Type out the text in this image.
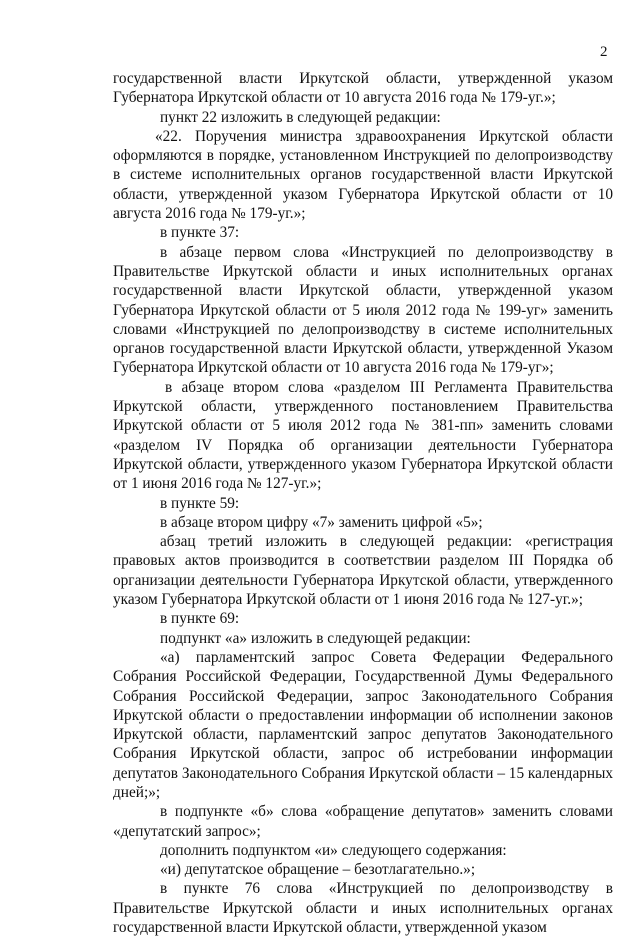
2

государственной власти Иркутской области, утвержденной указом Губернатора Иркутской области от 10 августа 2016 года № 179-уг.»;

пункт 22 изложить в следующей редакции:

«22. Поручения министра здравоохранения Иркутской области оформляются в порядке, установленном Инструкцией по делопроизводству в системе исполнительных органов государственной власти Иркутской области, утвержденной указом Губернатора Иркутской области от 10 августа 2016 года № 179-уг.»;

в пункте 37:

в абзаце первом слова «Инструкцией по делопроизводству в Правительстве Иркутской области и иных исполнительных органах государственной власти Иркутской области, утвержденной указом Губернатора Иркутской области от 5 июля 2012 года № 199-уг» заменить словами «Инструкцией по делопроизводству в системе исполнительных органов государственной власти Иркутской области, утвержденной Указом Губернатора Иркутской области от 10 августа 2016 года № 179-уг»;

в абзаце втором слова «разделом III Регламента Правительства Иркутской области, утвержденного постановлением Правительства Иркутской области от 5 июля 2012 года № 381-пп» заменить словами «разделом IV Порядка об организации деятельности Губернатора Иркутской области, утвержденного указом Губернатора Иркутской области от 1 июня 2016 года № 127-уг.»;

в пункте 59:

в абзаце втором цифру «7» заменить цифрой «5»;

абзац третий изложить в следующей редакции: «регистрация правовых актов производится в соответствии разделом III Порядка об организации деятельности Губернатора Иркутской области, утвержденного указом Губернатора Иркутской области от 1 июня 2016 года № 127-уг.»;

в пункте 69:

подпункт «а» изложить в следующей редакции:

«а) парламентский запрос Совета Федерации Федерального Собрания Российской Федерации, Государственной Думы Федерального Собрания Российской Федерации, запрос Законодательного Собрания Иркутской области о предоставлении информации об исполнении законов Иркутской области, парламентский запрос депутатов Законодательного Собрания Иркутской области, запрос об истребовании информации депутатов Законодательного Собрания Иркутской области – 15 календарных дней;»;

в подпункте «б» слова «обращение депутатов» заменить словами «депутатский запрос»;

дополнить подпунктом «и» следующего содержания:

«и) депутатское обращение – безотлагательно.»;

в пункте 76 слова «Инструкцией по делопроизводству в Правительстве Иркутской области и иных исполнительных органах государственной власти Иркутской области, утвержденной указом
